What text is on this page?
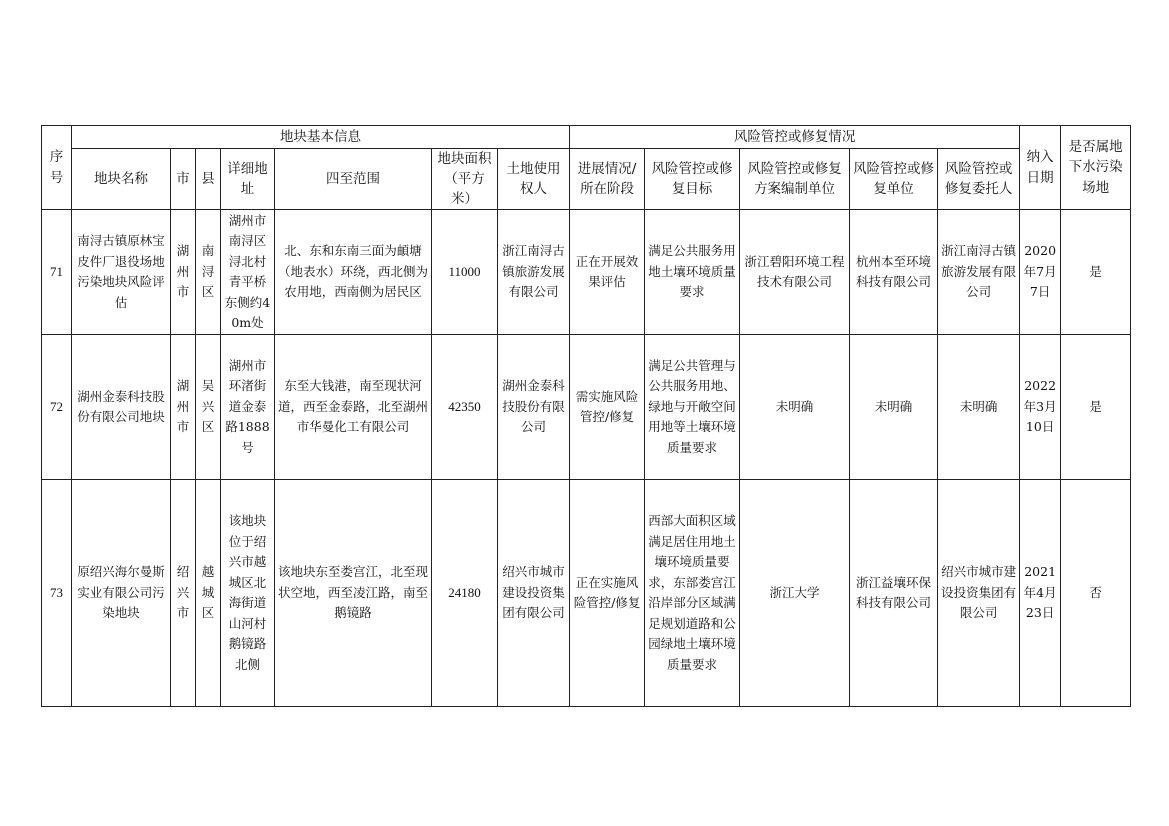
序号	地块基本信息							风险管控或修复情况					纳入日期	是否属地下水污染场地
	地块名称	市	县	详细地址	四至范围	地块面积（平方米）	土地使用权人	进展情况/所在阶段	风险管控或修复目标	风险管控或修复方案编制单位	风险管控或修复单位	风险管控或修复委托人		
71	南浔古镇原林宝皮件厂退役场地污染地块风险评估	湖州市	南浔区	湖州市南浔区浔北村青平桥东侧约40m处	北、东和东南三面为頔塘（地表水）环绕，西北侧为农用地，西南侧为居民区	11000	浙江南浔古镇旅游发展有限公司	正在开展效果评估	满足公共服务用地土壤环境质量要求	浙江碧阳环境工程技术有限公司	杭州本至环境科技有限公司	浙江南浔古镇旅游发展有限公司	2020年7月7日	是
72	湖州金泰科技股份有限公司地块	湖州市	吴兴区	湖州市环渚街道金泰路1888号	东至大钱港，南至现状河道，西至金泰路，北至湖州市华曼化工有限公司	42350	湖州金泰科技股份有限公司	需实施风险管控/修复	满足公共管理与公共服务用地、绿地与开敞空间用地等土壤环境质量要求	未明确	未明确	未明确	2022年3月10日	是
73	原绍兴海尔曼斯实业有限公司污染地块	绍兴市	越城区	该地块位于绍兴市越城区北海街道山河村鹅镜路北侧	该地块东至娄宫江，北至现状空地，西至凌江路，南至鹅镜路	24180	绍兴市城市建设投资集团有限公司	正在实施风险管控/修复	西部大面积区域满足居住用地土壤环境质量要求，东部娄宫江沿岸部分区域满足规划道路和公园绿地土壤环境质量要求	浙江大学	浙江益壤环保科技有限公司	绍兴市城市建设投资集团有限公司	2021年4月23日	否
